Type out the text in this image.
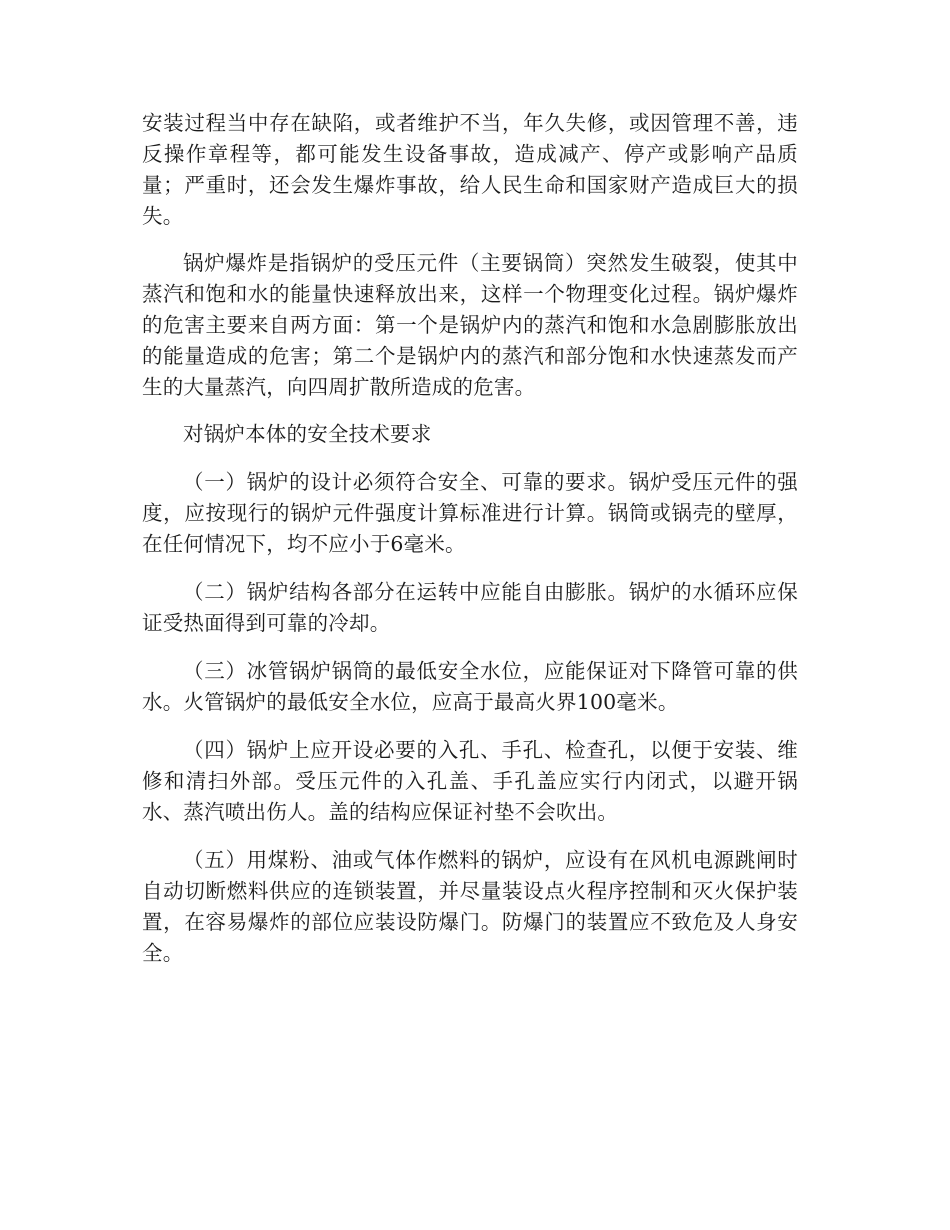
安装过程当中存在缺陷，或者维护不当，年久失修，或因管理不善，违反操作章程等，都可能发生设备事故，造成减产、停产或影响产品质量；严重时，还会发生爆炸事故，给人民生命和国家财产造成巨大的损失。

锅炉爆炸是指锅炉的受压元件（主要锅筒）突然发生破裂，使其中蒸汽和饱和水的能量快速释放出来，这样一个物理变化过程。锅炉爆炸的危害主要来自两方面：第一个是锅炉内的蒸汽和饱和水急剧膨胀放出的能量造成的危害；第二个是锅炉内的蒸汽和部分饱和水快速蒸发而产生的大量蒸汽，向四周扩散所造成的危害。

对锅炉本体的安全技术要求

（一）锅炉的设计必须符合安全、可靠的要求。锅炉受压元件的强度，应按现行的锅炉元件强度计算标准进行计算。锅筒或锅壳的壁厚，在任何情况下，均不应小于6毫米。

（二）锅炉结构各部分在运转中应能自由膨胀。锅炉的水循环应保证受热面得到可靠的冷却。

（三）冰管锅炉锅筒的最低安全水位，应能保证对下降管可靠的供水。火管锅炉的最低安全水位，应高于最高火界100毫米。

（四）锅炉上应开设必要的入孔、手孔、检查孔，以便于安装、维修和清扫外部。受压元件的入孔盖、手孔盖应实行内闭式，以避开锅水、蒸汽喷出伤人。盖的结构应保证衬垫不会吹出。

（五）用煤粉、油或气体作燃料的锅炉，应设有在风机电源跳闸时自动切断燃料供应的连锁装置，并尽量装设点火程序控制和灭火保护装置，在容易爆炸的部位应装设防爆门。防爆门的装置应不致危及人身安全。
